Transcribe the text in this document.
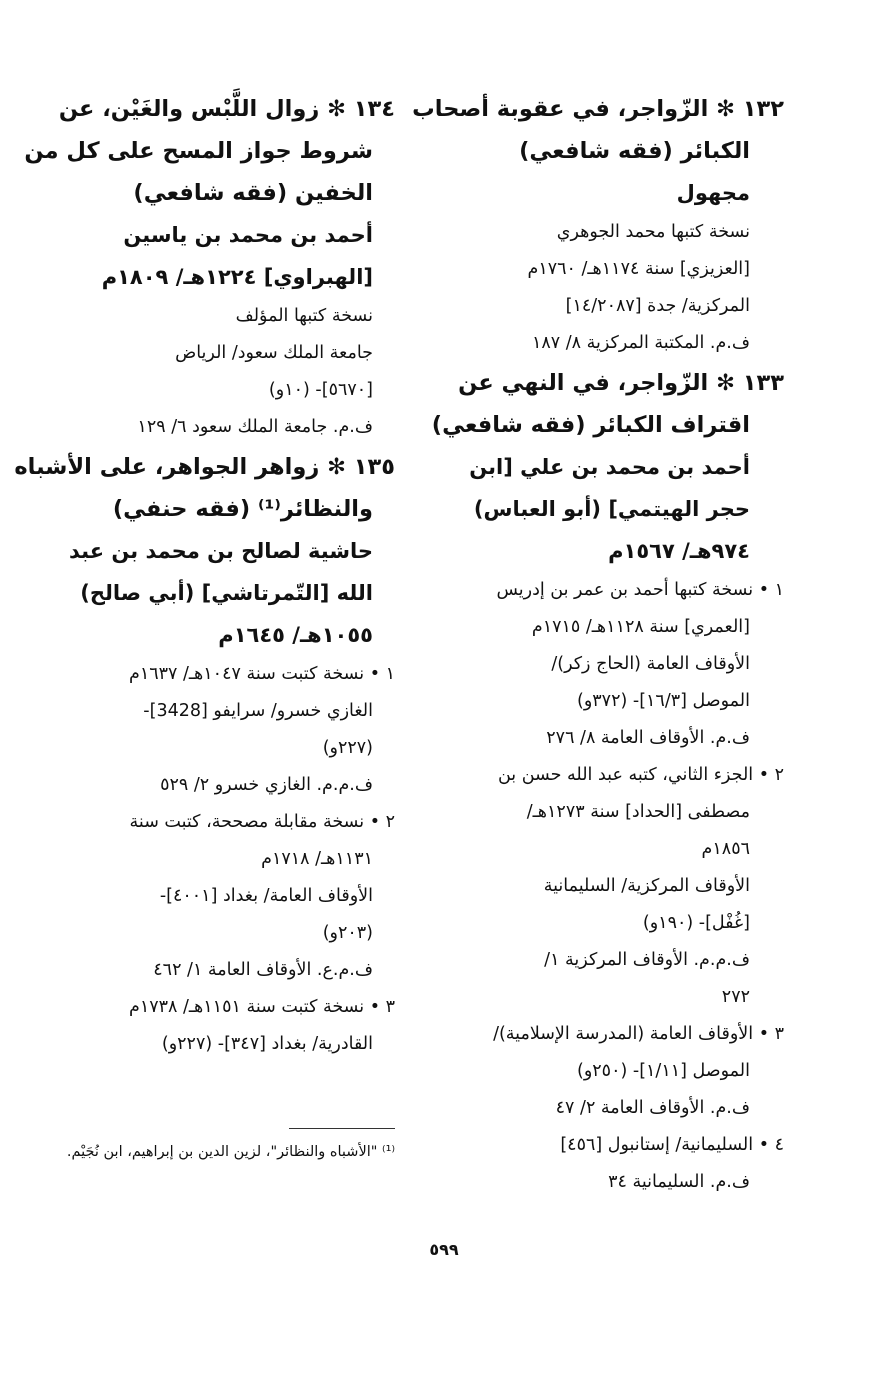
١٣٢ ✻ الزّواجر، في عقوبة أصحاب
الكبائر (فقه شافعي)
مجهول
نسخة كتبها محمد الجوهري
[العزيزي] سنة ١١٧٤هـ/ ١٧٦٠م
المركزية/ جدة [١٤/٢٠٨٧]
ف.م. المكتبة المركزية ٨/ ١٨٧
١٣٣ ✻ الزّواجر، في النهي عن
اقتراف الكبائر (فقه شافعي)
أحمد بن محمد بن علي [ابن
حجر الهيتمي] (أبو العباس)
٩٧٤هـ/ ١٥٦٧م
١ • نسخة كتبها أحمد بن عمر بن إدريس
[العمري] سنة ١١٢٨هـ/ ١٧١٥م
الأوقاف العامة (الحاج زكر)/
الموصل [١٦/٣]- (٣٧٢و)
ف.م. الأوقاف العامة ٨/ ٢٧٦
٢ • الجزء الثاني، كتبه عبد الله حسن بن
مصطفى [الحداد] سنة ١٢٧٣هـ/
١٨٥٦م
الأوقاف المركزية/ السليمانية
[غُفْل]- (١٩٠و)
ف.م.م. الأوقاف المركزية ١/
٢٧٢
٣ • الأوقاف العامة (المدرسة الإسلامية)/
الموصل [١/١١]- (٢٥٠و)
ف.م. الأوقاف العامة ٢/ ٤٧
٤ • السليمانية/ إستانبول [٤٥٦]
ف.م. السليمانية ٣٤
١٣٤ ✻ زوال اللَّبْس والغَيْن، عن
شروط جواز المسح على كل من
الخفين (فقه شافعي)
أحمد بن محمد بن ياسين
[الهبراوي] ١٢٢٤هـ/ ١٨٠٩م
نسخة كتبها المؤلف
جامعة الملك سعود/ الرياض
[٥٦٧٠]- (١٠و)
ف.م. جامعة الملك سعود ٦/ ١٢٩
١٣٥ ✻ زواهر الجواهر، على الأشباه
والنظائر⁽¹⁾ (فقه حنفي)
حاشية لصالح بن محمد بن عبد
الله [التّمرتاشي] (أبي صالح)
١٠٥٥هـ/ ١٦٤٥م
١ • نسخة كتبت سنة ١٠٤٧هـ/ ١٦٣٧م
الغازي خسرو/ سرايفو [3428]-
(٢٢٧و)
ف.م.م. الغازي خسرو ٢/ ٥٢٩
٢ • نسخة مقابلة مصححة، كتبت سنة
١١٣١هـ/ ١٧١٨م
الأوقاف العامة/ بغداد [٤٠٠١]-
(٢٠٣و)
ف.م.ع. الأوقاف العامة ١/ ٤٦٢
٣ • نسخة كتبت سنة ١١٥١هـ/ ١٧٣٨م
القادرية/ بغداد [٣٤٧]- (٢٢٧و)
⁽¹⁾ "الأشباه والنظائر"، لزين الدين بن إبراهيم، ابن نُجَيْم.
٥٩٩
